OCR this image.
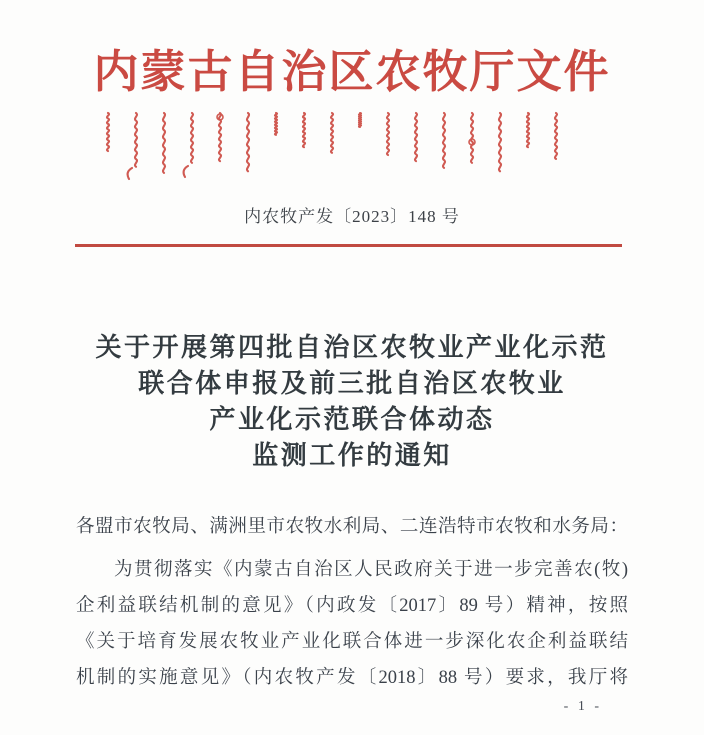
内蒙古自治区农牧厅文件
内农牧产发〔2023〕148 号
关于开展第四批自治区农牧业产业化示范
联合体申报及前三批自治区农牧业
产业化示范联合体动态
监测工作的通知
各盟市农牧局、满洲里市农牧水利局、二连浩特市农牧和水务局：
为贯彻落实《内蒙古自治区人民政府关于进一步完善农(牧)
企利益联结机制的意见》（内政发〔2017〕89 号）精神，按照
《关于培育发展农牧业产业化联合体进一步深化农企利益联结
机制的实施意见》（内农牧产发〔2018〕88 号）要求，我厅将
- 1 -
